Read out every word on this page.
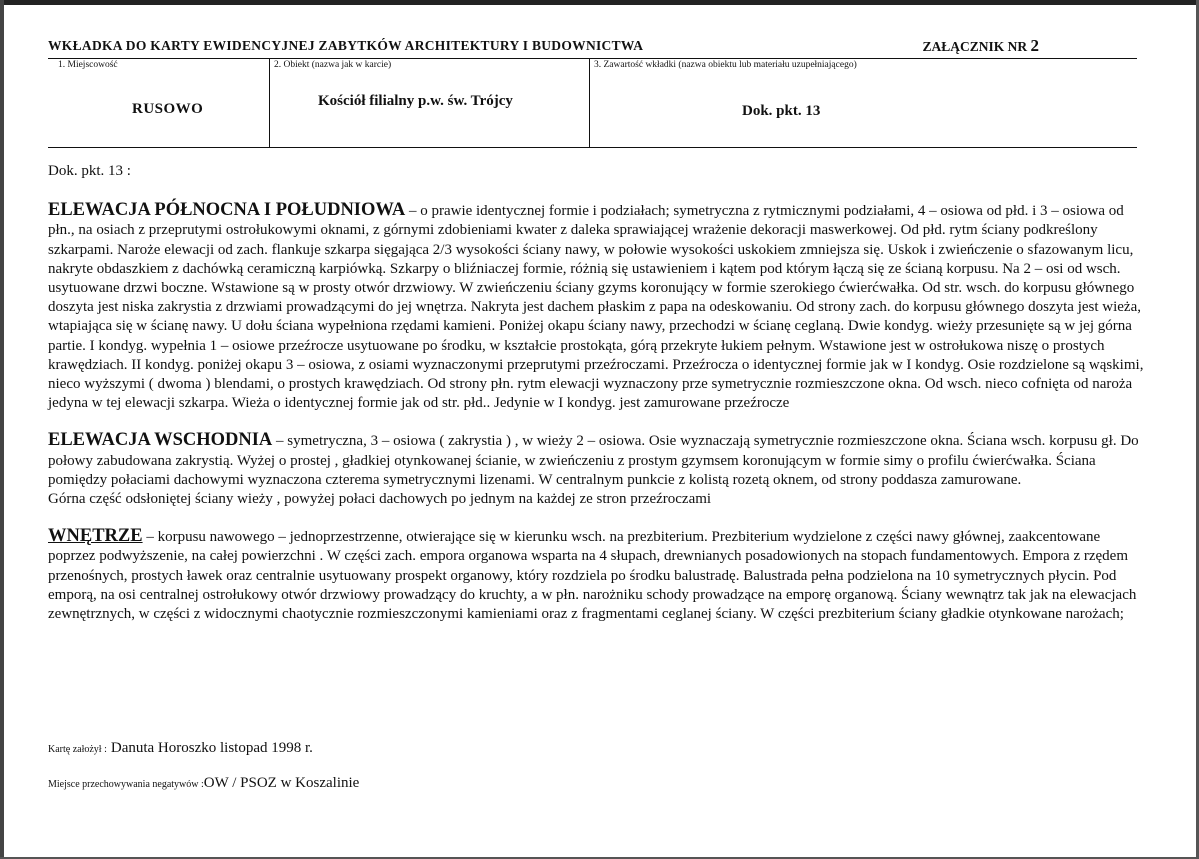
WKŁADKA DO KARTY EWIDENCYJNEJ ZABYTKÓW ARCHITEKTURY I BUDOWNICTWA	ZAŁĄCZNIK NR 2
1. Miejscowość
RUSOWO
2. Obiekt (nazwa jak w karcie)
Kościół filialny p.w. św. Trójcy
3. Zawartość wkładki (nazwa obiektu lub materiału uzupełniającego)
Dok. pkt. 13

Dok. pkt. 13 :

ELEWACJA PÓŁNOCNA I POŁUDNIOWA – o prawie identycznej formie i podziałach; symetryczna z rytmicznymi podziałami, 4 – osiowa od płd. i 3 – osiowa od płn., na osiach z przeprutymi ostrołukowymi oknami, z górnymi zdobieniami kwater z daleka sprawiającej wrażenie dekoracji maswerkowej. Od płd. rytm ściany podkreślony szkarpami. Naroże elewacji od zach. flankuje szkarpa sięgająca 2/3 wysokości ściany nawy, w połowie wysokości uskokiem zmniejsza się. Uskok i zwieńczenie o sfazowanym licu, nakryte obdaszkiem z dachówką ceramiczną karpiówką. Szkarpy o bliźniaczej formie, różnią się ustawieniem i kątem pod którym łączą się ze ścianą korpusu. Na 2 – osi od wsch. usytuowane drzwi boczne. Wstawione są w prosty otwór drzwiowy. W zwieńczeniu ściany gzyms koronujący w formie szerokiego ćwierćwałka. Od str. wsch. do korpusu głównego doszyta jest niska zakrystia z drzwiami prowadzącymi do jej wnętrza. Nakryta jest dachem płaskim z papa na odeskowaniu. Od strony zach. do korpusu głównego doszyta jest wieża, wtapiająca się w ścianę nawy. U dołu ściana wypełniona rzędami kamieni. Poniżej okapu ściany nawy, przechodzi w ścianę ceglaną. Dwie kondyg. wieży przesunięte są w jej górna partie. I kondyg. wypełnia 1 – osiowe przeźrocze usytuowane po środku, w kształcie prostokąta, górą przekryte łukiem pełnym. Wstawione jest w ostrołukowa niszę o prostych krawędziach. II kondyg. poniżej okapu 3 – osiowa, z osiami wyznaczonymi przeprutymi przeźroczami. Przeźrocza o identycznej formie jak w I kondyg. Osie rozdzielone są wąskimi, nieco wyższymi ( dwoma ) blendami, o prostych krawędziach. Od strony płn. rytm elewacji wyznaczony prze symetrycznie rozmieszczone okna. Od wsch. nieco cofnięta od naroża jedyna w tej elewacji szkarpa. Wieża o identycznej formie jak od str. płd.. Jedynie w I kondyg. jest zamurowane przeźrocze

ELEWACJA WSCHODNIA – symetryczna, 3 – osiowa ( zakrystia ) , w wieży 2 – osiowa. Osie wyznaczają symetrycznie rozmieszczone okna. Ściana wsch. korpusu gł. Do połowy zabudowana zakrystią. Wyżej o prostej , gładkiej otynkowanej ścianie, w zwieńczeniu z prostym gzymsem koronującym w formie simy o profilu ćwierćwałka. Ściana pomiędzy połaciami dachowymi wyznaczona czterema symetrycznymi lizenami. W centralnym punkcie z kolistą rozetą oknem, od strony poddasza zamurowane.

Górna część odsłoniętej ściany wieży , powyżej połaci dachowych po jednym na każdej ze stron przeźroczami

WNĘTRZE – korpusu nawowego – jednoprzestrzenne, otwierające się w kierunku wsch. na prezbiterium. Prezbiterium wydzielone z części nawy głównej, zaakcentowane poprzez podwyższenie, na całej powierzchni . W części zach. empora organowa wsparta na 4 słupach, drewnianych posadowionych na stopach fundamentowych. Empora z rzędem przenośnych, prostych ławek oraz centralnie usytuowany prospekt organowy, który rozdziela po środku balustradę. Balustrada pełna podzielona na 10 symetrycznych płycin. Pod emporą, na osi centralnej ostrołukowy otwór drzwiowy prowadzący do kruchty, a w płn. narożniku schody prowadzące na emporę organową. Ściany wewnątrz tak jak na elewacjach zewnętrznych, w części z widocznymi chaotycznie rozmieszczonymi kamieniami oraz z fragmentami ceglanej ściany. W części prezbiterium ściany gładkie otynkowane narożach;

Kartę założył : Danuta Horoszko listopad 1998 r.
Miejsce przechowywania negatywów :OW / PSOZ w Koszalinie
